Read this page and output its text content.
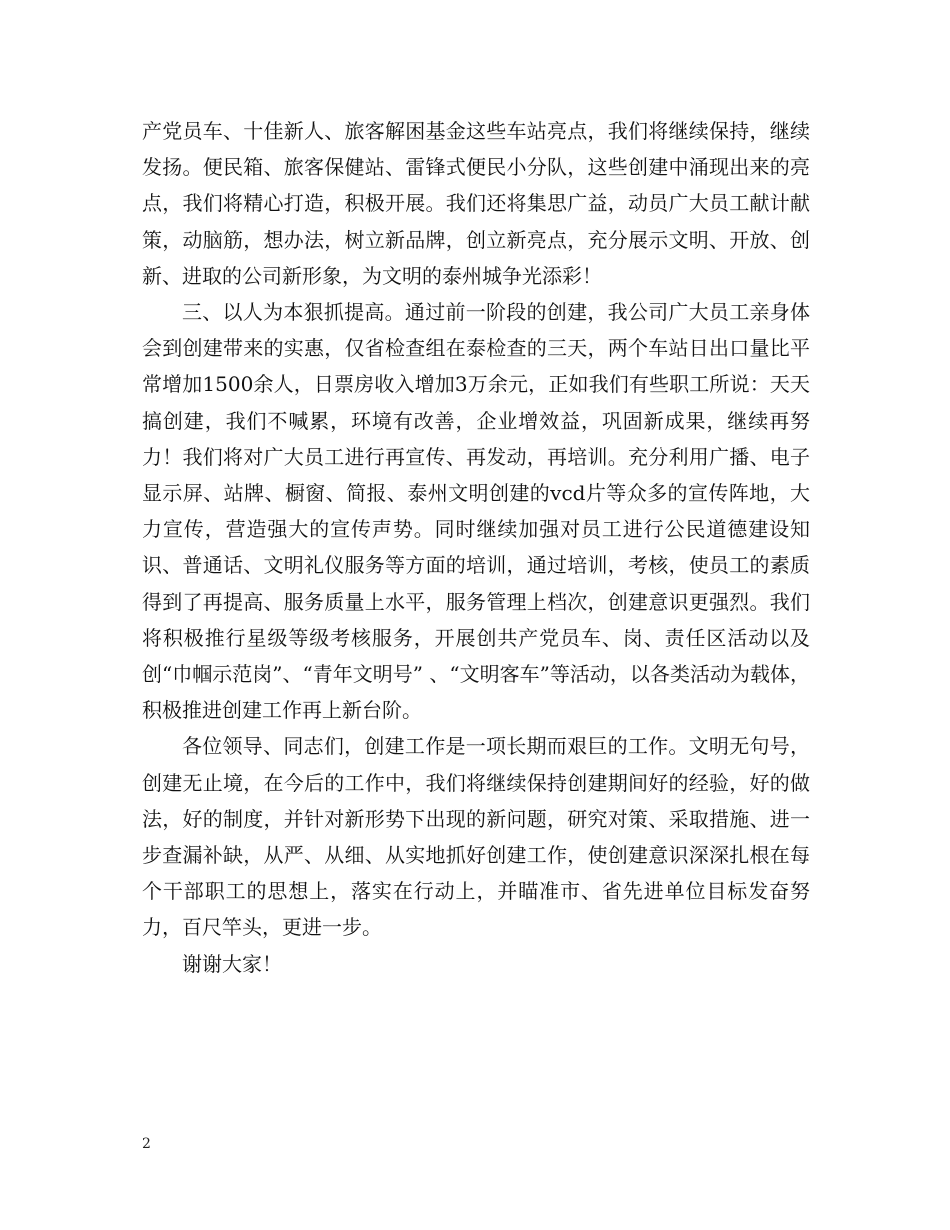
产党员车、十佳新人、旅客解困基金这些车站亮点，我们将继续保持，继续发扬。便民箱、旅客保健站、雷锋式便民小分队，这些创建中涌现出来的亮点，我们将精心打造，积极开展。我们还将集思广益，动员广大员工献计献策，动脑筋，想办法，树立新品牌，创立新亮点，充分展示文明、开放、创新、进取的公司新形象，为文明的泰州城争光添彩！

三、以人为本狠抓提高。通过前一阶段的创建，我公司广大员工亲身体会到创建带来的实惠，仅省检查组在泰检查的三天，两个车站日出口量比平常增加1500余人，日票房收入增加3万余元，正如我们有些职工所说：天天搞创建，我们不喊累，环境有改善，企业增效益，巩固新成果，继续再努力！我们将对广大员工进行再宣传、再发动，再培训。充分利用广播、电子显示屏、站牌、橱窗、简报、泰州文明创建的vcd片等众多的宣传阵地，大力宣传，营造强大的宣传声势。同时继续加强对员工进行公民道德建设知识、普通话、文明礼仪服务等方面的培训，通过培训，考核，使员工的素质得到了再提高、服务质量上水平，服务管理上档次，创建意识更强烈。我们将积极推行星级等级考核服务，开展创共产党员车、岗、责任区活动以及创“巾帼示范岗”、“青年文明号” 、“文明客车”等活动，以各类活动为载体，积极推进创建工作再上新台阶。

各位领导、同志们，创建工作是一项长期而艰巨的工作。文明无句号，创建无止境，在今后的工作中，我们将继续保持创建期间好的经验，好的做法，好的制度，并针对新形势下出现的新问题，研究对策、采取措施、进一步查漏补缺，从严、从细、从实地抓好创建工作，使创建意识深深扎根在每个干部职工的思想上，落实在行动上，并瞄准市、省先进单位目标发奋努力，百尺竿头，更进一步。

谢谢大家！

2
